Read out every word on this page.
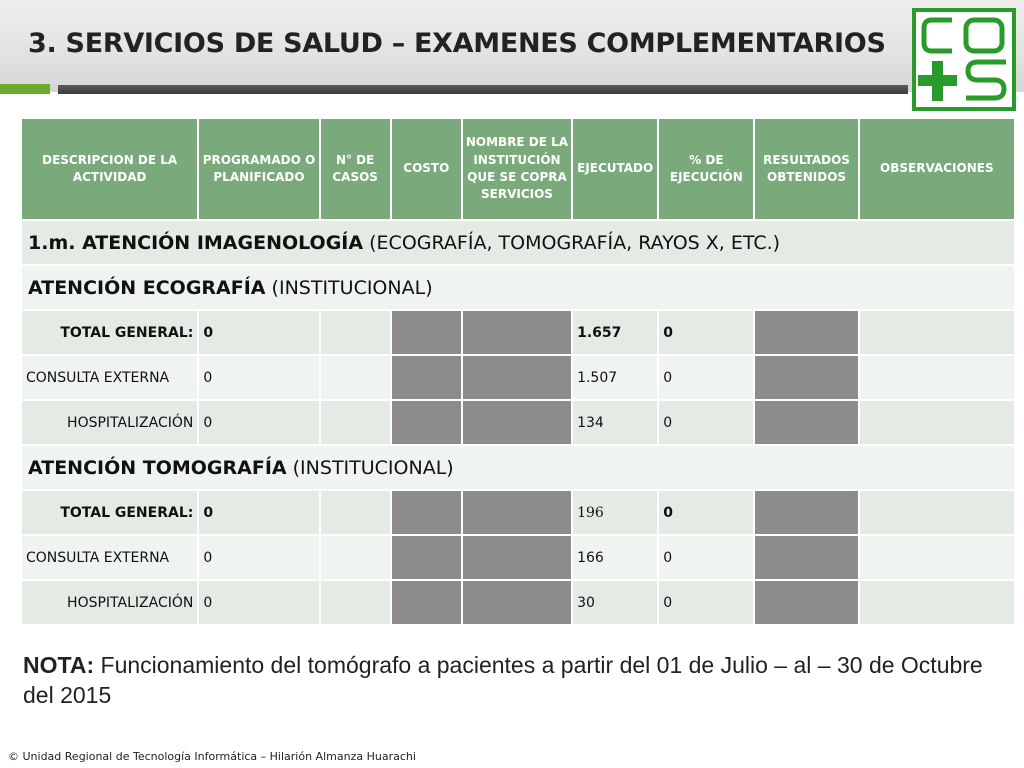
3. SERVICIOS DE SALUD – EXAMENES COMPLEMENTARIOS
DESCRIPCION DE LA ACTIVIDAD	PROGRAMADO O PLANIFICADO	N° DE CASOS	COSTO	NOMBRE DE LA INSTITUCIÓN QUE SE COPRA SERVICIOS	EJECUTADO	% DE EJECUCIÓN	RESULTADOS OBTENIDOS	OBSERVACIONES
1.m. ATENCIÓN IMAGENOLOGÍA (ECOGRAFÍA, TOMOGRAFÍA, RAYOS X, ETC.)								
ATENCIÓN ECOGRAFÍA (INSTITUCIONAL)								
TOTAL GENERAL:	0				1.657	0		
CONSULTA EXTERNA	0				1.507	0		
HOSPITALIZACIÓN	0				134	0		
ATENCIÓN TOMOGRAFÍA (INSTITUCIONAL)								
TOTAL GENERAL:	0				196	0		
CONSULTA EXTERNA	0				166	0		
HOSPITALIZACIÓN	0				30	0		

NOTA: Funcionamiento del tomógrafo a pacientes a partir del 01 de Julio – al – 30 de Octubre del 2015

© Unidad Regional de Tecnología Informática – Hilarión Almanza Huarachi
